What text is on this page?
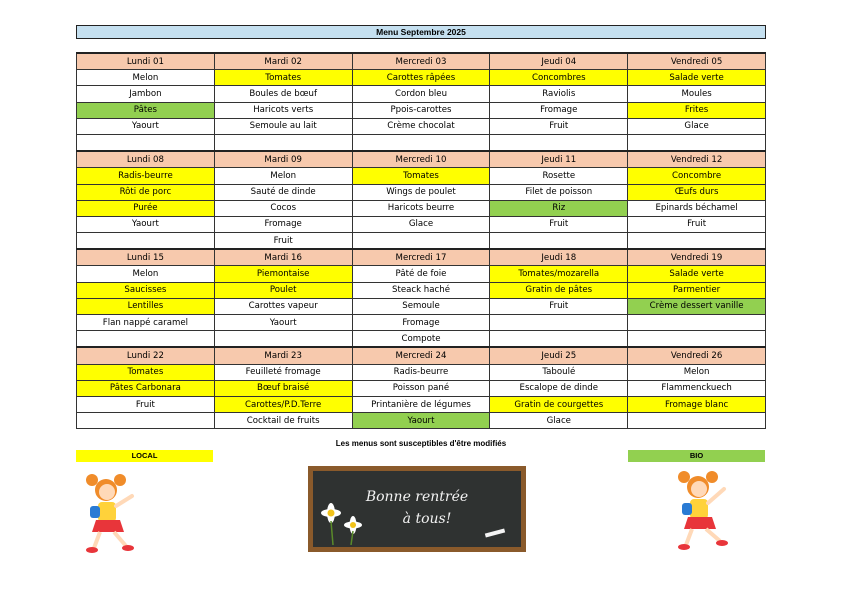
Menu Septembre 2025
Lundi 01	Mardi 02	Mercredi 03	Jeudi 04	Vendredi 05
Melon	Tomates	Carottes râpées	Concombres	Salade verte
Jambon	Boules de bœuf	Cordon bleu	Raviolis	Moules
Pâtes	Haricots verts	Ppois-carottes	Fromage	Frites
Yaourt	Semoule au lait	Crème chocolat	Fruit	Glace

Lundi 08	Mardi 09	Mercredi 10	Jeudi 11	Vendredi 12
Radis-beurre	Melon	Tomates	Rosette	Concombre
Rôti de porc	Sauté de dinde	Wings de poulet	Filet de poisson	Œufs durs
Purée	Cocos	Haricots beurre	Riz	Epinards béchamel
Yaourt	Fromage	Glace	Fruit	Fruit
	Fruit			
Lundi 15	Mardi 16	Mercredi 17	Jeudi 18	Vendredi 19
Melon	Piemontaise	Pâté de foie	Tomates/mozarella	Salade verte
Saucisses	Poulet	Steack haché	Gratin de pâtes	Parmentier
Lentilles	Carottes vapeur	Semoule	Fruit	Crème dessert vanille
Flan nappé caramel	Yaourt	Fromage		
		Compote		
Lundi 22	Mardi 23	Mercredi 24	Jeudi 25	Vendredi 26
Tomates	Feuilleté fromage	Radis-beurre	Taboulé	Melon
Pâtes Carbonara	Bœuf braisé	Poisson pané	Escalope de dinde	Flammenckuech
Fruit	Carottes/P.D.Terre	Printanière de légumes	Gratin de courgettes	Fromage blanc
	Cocktail de fruits	Yaourt	Glace	
Les menus sont susceptibles d'être modifiés
LOCAL	BIO
Bonne rentrée
à tous!
